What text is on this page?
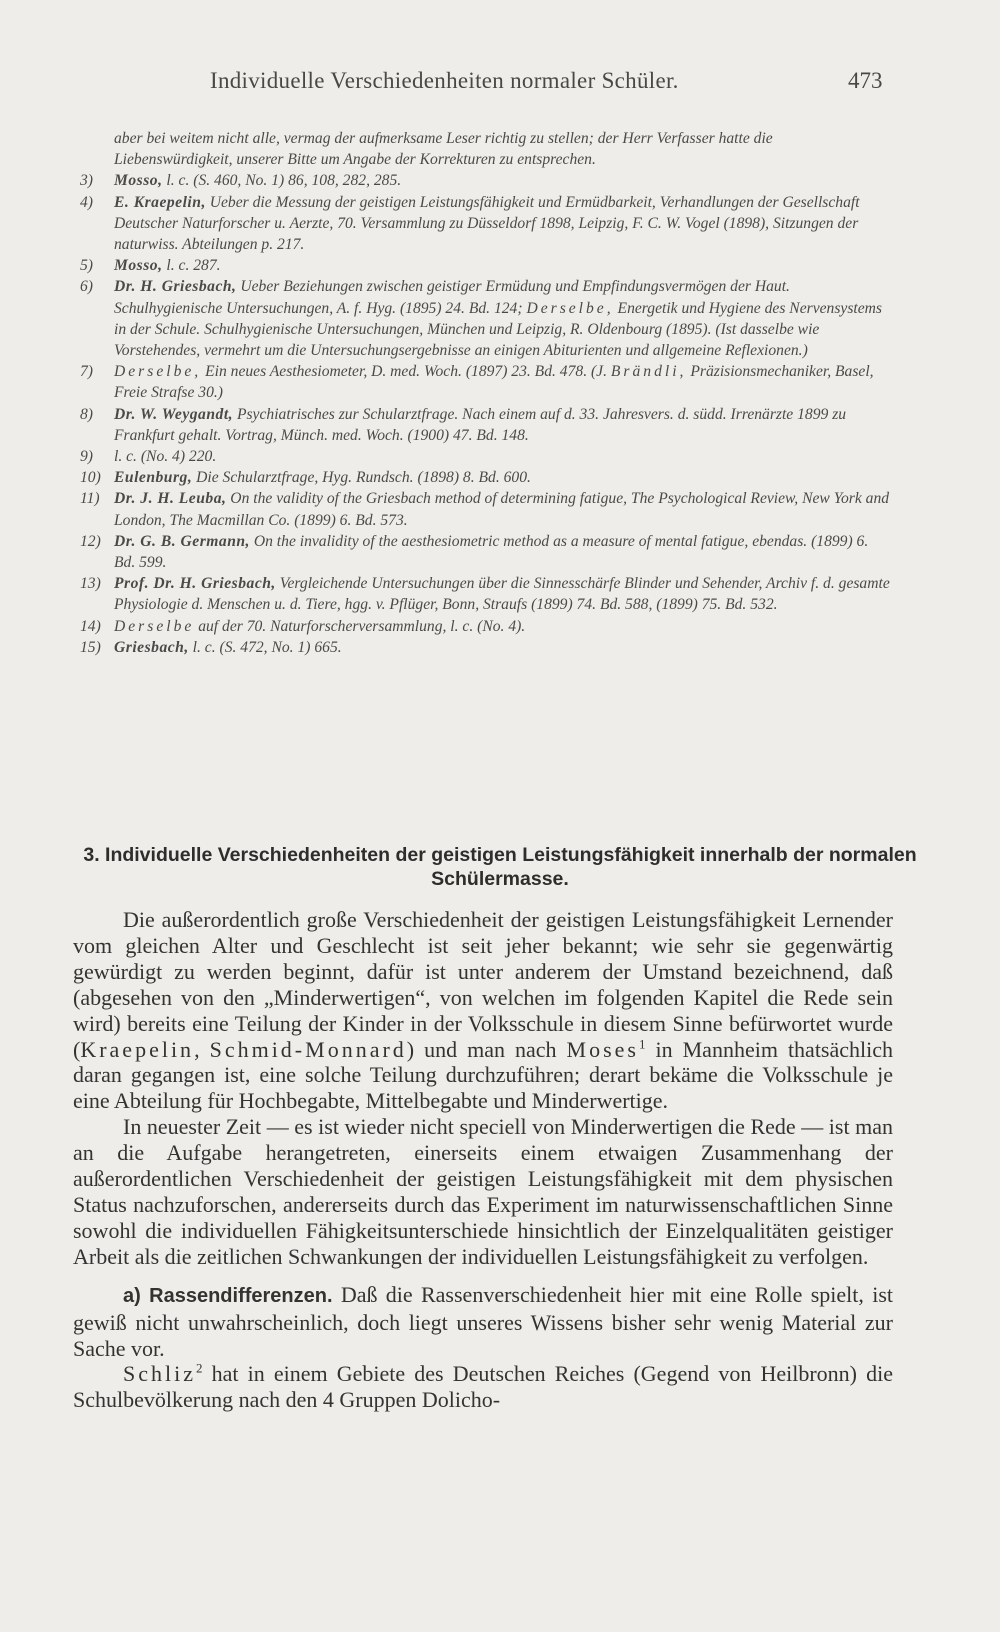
Individuelle Verschiedenheiten normaler Schüler.	473

aber bei weitem nicht alle, vermag der aufmerksame Leser richtig zu stellen; der Herr Verfasser hatte die Liebenswürdigkeit, unserer Bitte um Angabe der Korrekturen zu entsprechen.

3) Mosso, l. c. (S. 460, No. 1) 86, 108, 282, 285.

4) E. Kraepelin, Ueber die Messung der geistigen Leistungsfähigkeit und Ermüdbarkeit, Verhandlungen der Gesellschaft Deutscher Naturforscher u. Aerzte, 70. Versammlung zu Düsseldorf 1898, Leipzig, F. C. W. Vogel (1898), Sitzungen der naturwiss. Abteilungen p. 217.

5) Mosso, l. c. 287.

6) Dr. H. Griesbach, Ueber Beziehungen zwischen geistiger Ermüdung und Empfindungsvermögen der Haut. Schulhygienische Untersuchungen, A. f. Hyg. (1895) 24. Bd. 124; Derselbe, Energetik und Hygiene des Nervensystems in der Schule. Schulhygienische Untersuchungen, München und Leipzig, R. Oldenbourg (1895). (Ist dasselbe wie Vorstehendes, vermehrt um die Untersuchungsergebnisse an einigen Abiturienten und allgemeine Reflexionen.)

7) Derselbe, Ein neues Aesthesiometer, D. med. Woch. (1897) 23. Bd. 478. (J. Brändli, Präzisionsmechaniker, Basel, Freie Strafse 30.)

8) Dr. W. Weygandt, Psychiatrisches zur Schularztfrage. Nach einem auf d. 33. Jahresvers. d. südd. Irrenärzte 1899 zu Frankfurt gehalt. Vortrag, Münch. med. Woch. (1900) 47. Bd. 148.

9) l. c. (No. 4) 220.

10) Eulenburg, Die Schularztfrage, Hyg. Rundsch. (1898) 8. Bd. 600.

11) Dr. J. H. Leuba, On the validity of the Griesbach method of determining fatigue, The Psychological Review, New York and London, The Macmillan Co. (1899) 6. Bd. 573.

12) Dr. G. B. Germann, On the invalidity of the aesthesiometric method as a measure of mental fatigue, ebendas. (1899) 6. Bd. 599.

13) Prof. Dr. H. Griesbach, Vergleichende Untersuchungen über die Sinnesschärfe Blinder und Sehender, Archiv f. d. gesamte Physiologie d. Menschen u. d. Tiere, hgg. v. Pflüger, Bonn, Straufs (1899) 74. Bd. 588, (1899) 75. Bd. 532.

14) Derselbe auf der 70. Naturforscherversammlung, l. c. (No. 4).

15) Griesbach, l. c. (S. 472, No. 1) 665.

3. Individuelle Verschiedenheiten der geistigen Leistungsfähigkeit innerhalb der normalen Schülermasse.

Die außerordentlich große Verschiedenheit der geistigen Leistungsfähigkeit Lernender vom gleichen Alter und Geschlecht ist seit jeher bekannt; wie sehr sie gegenwärtig gewürdigt zu werden beginnt, dafür ist unter anderem der Umstand bezeichnend, daß (abgesehen von den „Minderwertigen“, von welchen im folgenden Kapitel die Rede sein wird) bereits eine Teilung der Kinder in der Volksschule in diesem Sinne befürwortet wurde (Kraepelin, Schmid-Monnard) und man nach Moses$^1$ in Mannheim thatsächlich daran gegangen ist, eine solche Teilung durchzuführen; derart bekäme die Volksschule je eine Abteilung für Hochbegabte, Mittelbegabte und Minderwertige.

In neuester Zeit — es ist wieder nicht speciell von Minderwertigen die Rede — ist man an die Aufgabe herangetreten, einerseits einem etwaigen Zusammenhang der außerordentlichen Verschiedenheit der geistigen Leistungsfähigkeit mit dem physischen Status nachzuforschen, andererseits durch das Experiment im naturwissenschaftlichen Sinne sowohl die individuellen Fähigkeitsunterschiede hinsichtlich der Einzelqualitäten geistiger Arbeit als die zeitlichen Schwankungen der individuellen Leistungsfähigkeit zu verfolgen.

a) Rassendifferenzen. Daß die Rassenverschiedenheit hier mit eine Rolle spielt, ist gewiß nicht unwahrscheinlich, doch liegt unseres Wissens bisher sehr wenig Material zur Sache vor.

Schliz$^2$ hat in einem Gebiete des Deutschen Reiches (Gegend von Heilbronn) die Schulbevölkerung nach den 4 Gruppen Dolicho-
